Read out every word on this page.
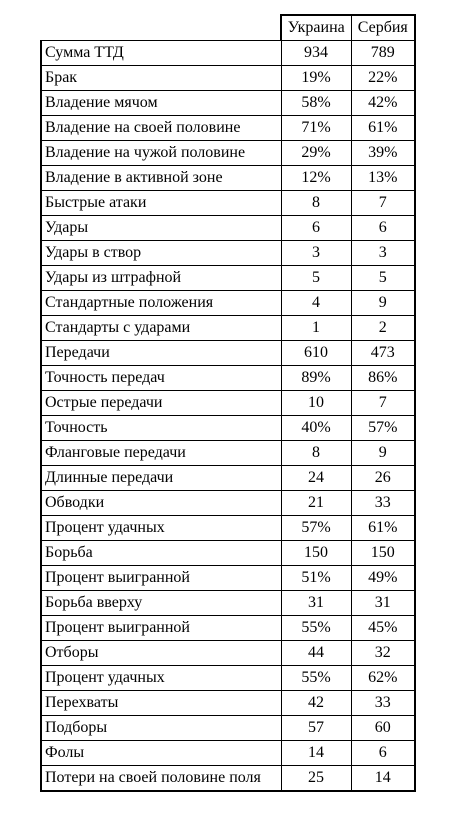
	Украина	Сербия
Сумма ТТД	934	789
Брак	19%	22%
Владение мячом	58%	42%
Владение на своей половине	71%	61%
Владение на чужой половине	29%	39%
Владение в активной зоне	12%	13%
Быстрые атаки	8	7
Удары	6	6
Удары в створ	3	3
Удары из штрафной	5	5
Стандартные положения	4	9
Стандарты с ударами	1	2
Передачи	610	473
Точность передач	89%	86%
Острые передачи	10	7
Точность	40%	57%
Фланговые передачи	8	9
Длинные передачи	24	26
Обводки	21	33
Процент удачных	57%	61%
Борьба	150	150
Процент выигранной	51%	49%
Борьба вверху	31	31
Процент выигранной	55%	45%
Отборы	44	32
Процент удачных	55%	62%
Перехваты	42	33
Подборы	57	60
Фолы	14	6
Потери на своей половине поля	25	14
